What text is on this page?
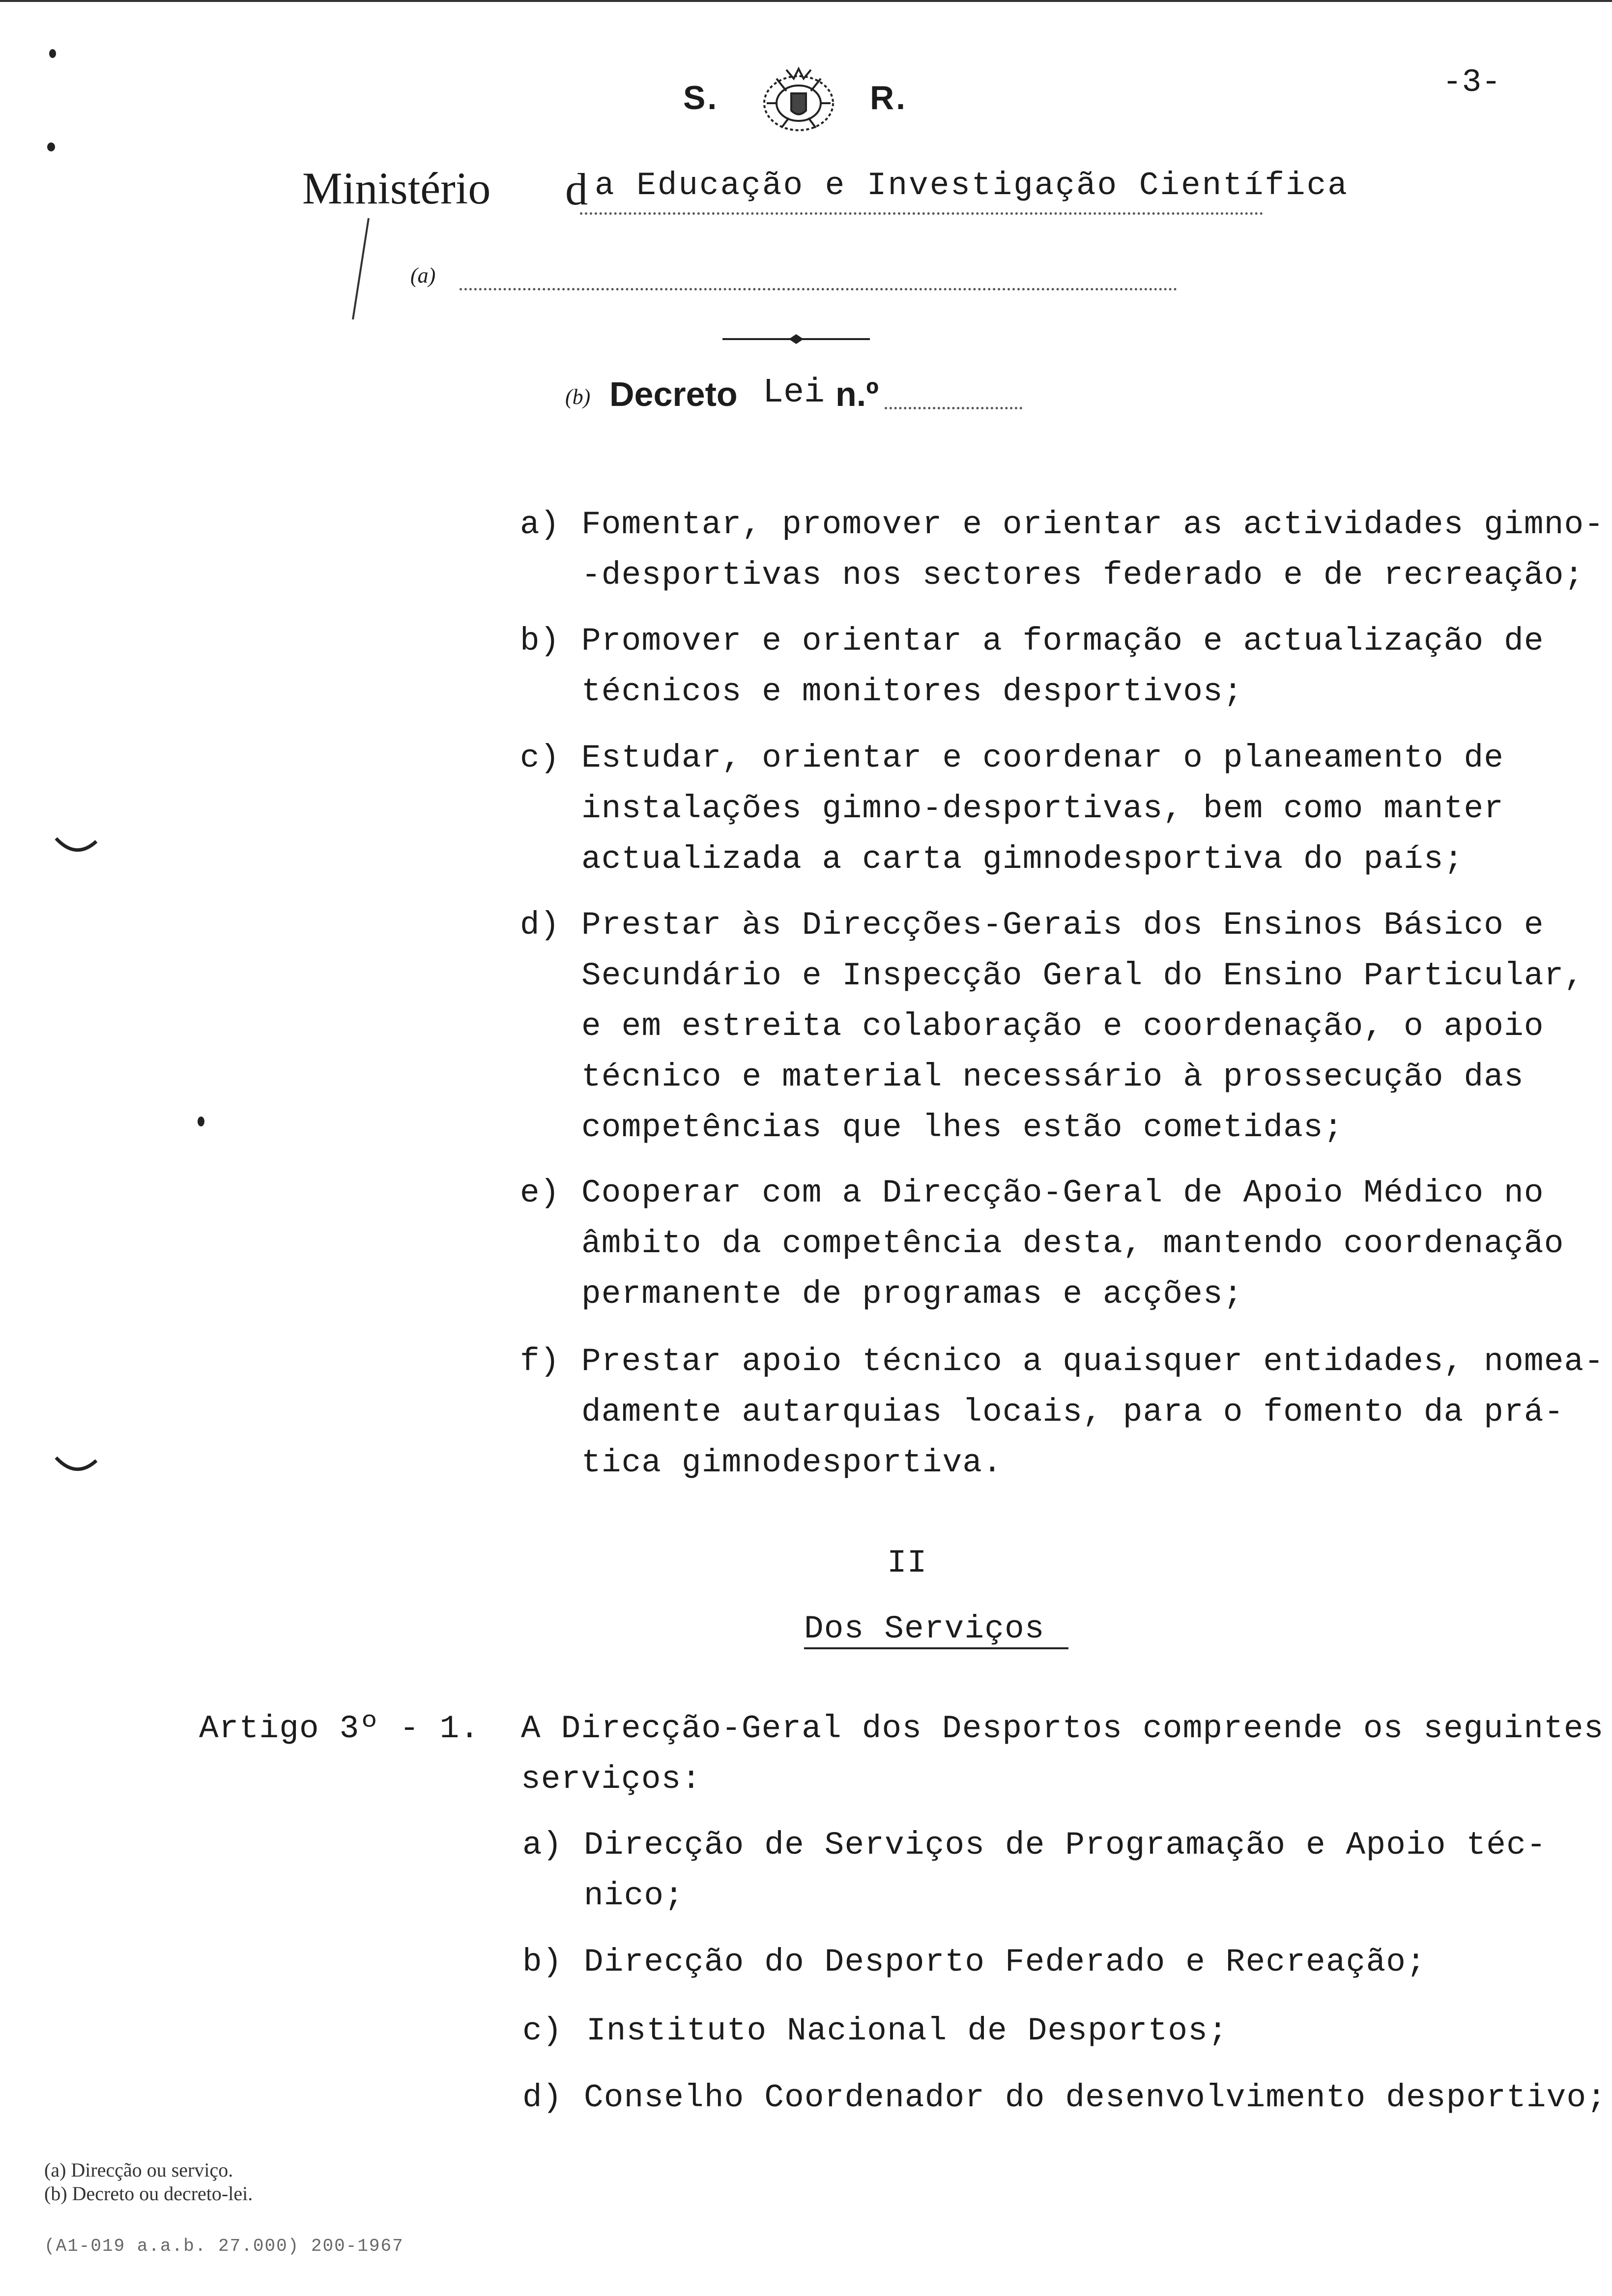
S.	R.	-3-
Ministério d a Educação e Investigação Científica
(a)
(b) Decreto Lei n.º
a) Fomentar, promover e orientar as actividades gimno-
-desportivas nos sectores federado e de recreação;
b) Promover e orientar a formação e actualização de
técnicos e monitores desportivos;
c) Estudar, orientar e coordenar o planeamento de
instalações gimno-desportivas, bem como manter
actualizada a carta gimnodesportiva do país;
d) Prestar às Direcções-Gerais dos Ensinos Básico e
Secundário e Inspecção Geral do Ensino Particular,
e em estreita colaboração e coordenação, o apoio
técnico e material necessário à prossecução das
competências que lhes estão cometidas;
e) Cooperar com a Direcção-Geral de Apoio Médico no
âmbito da competência desta, mantendo coordenação
permanente de programas e acções;
f) Prestar apoio técnico a quaisquer entidades, nomea-
damente autarquias locais, para o fomento da prá-
tica gimnodesportiva.
II
Dos Serviços
Artigo 3º - 1. A Direcção-Geral dos Desportos compreende os seguintes
serviços:
a) Direcção de Serviços de Programação e Apoio téc-
nico;
b) Direcção do Desporto Federado e Recreação;
c) Instituto Nacional de Desportos;
d) Conselho Coordenador do desenvolvimento desportivo;
(a) Direcção ou serviço.
(b) Decreto ou decreto-lei.
(A1-019 a.a.b. 27.000) 200-1967
